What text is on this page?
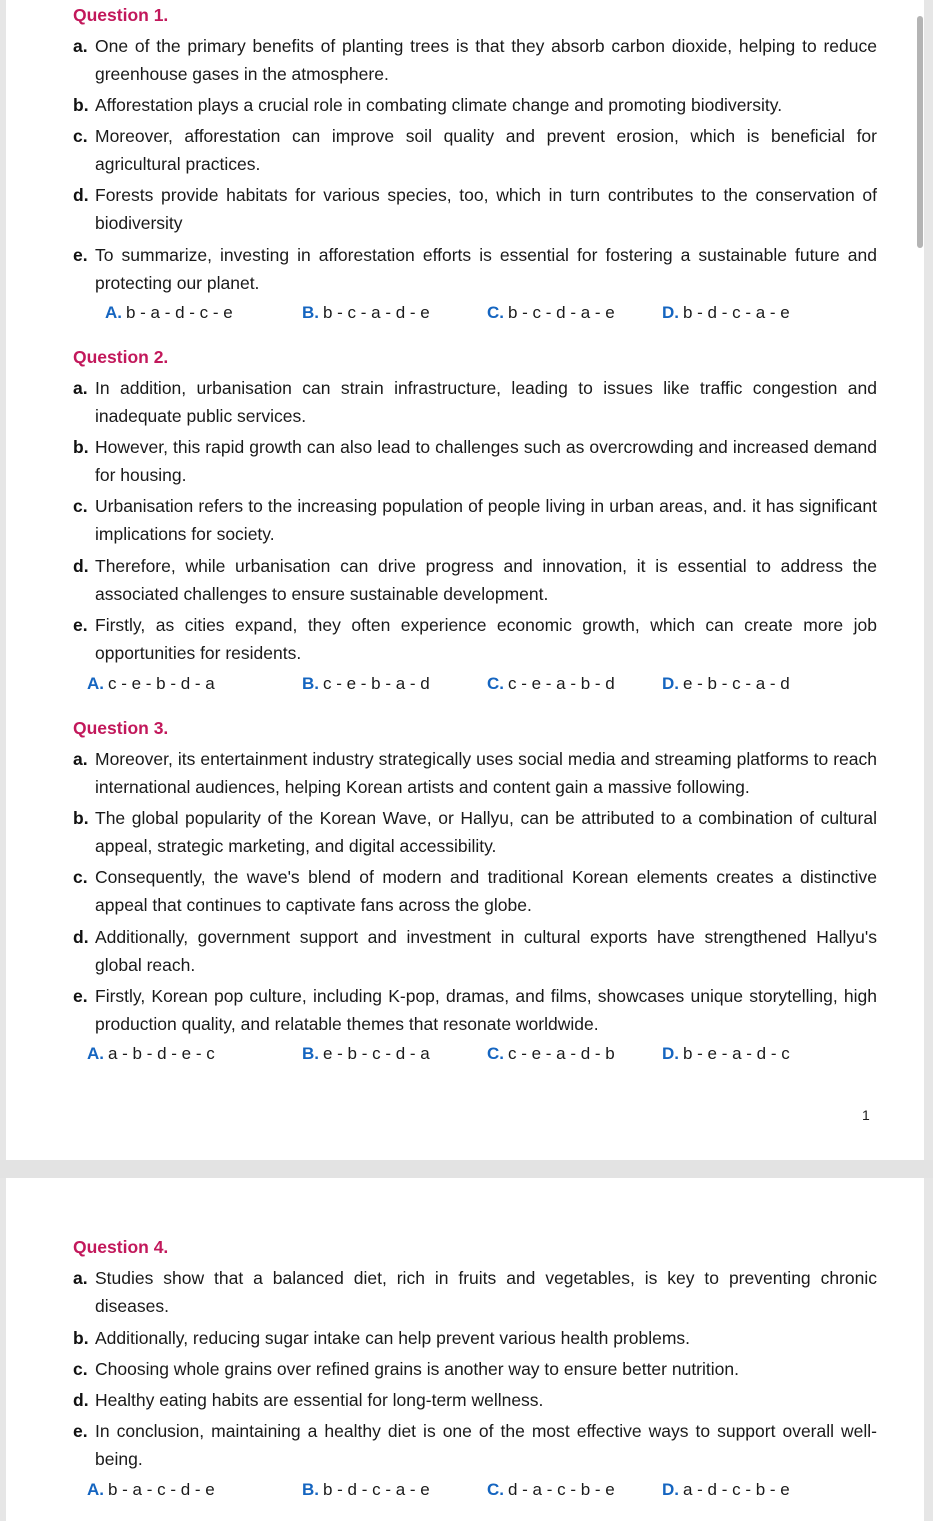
Question 1.
a. One of the primary benefits of planting trees is that they absorb carbon dioxide, helping to reduce greenhouse gases in the atmosphere.
b. Afforestation plays a crucial role in combating climate change and promoting biodiversity.
c. Moreover, afforestation can improve soil quality and prevent erosion, which is beneficial for agricultural practices.
d. Forests provide habitats for various species, too, which in turn contributes to the conservation of biodiversity
e. To summarize, investing in afforestation efforts is essential for fostering a sustainable future and protecting our planet.
A. b - a - d - c - e	B. b - c - a - d - e	C. b - c - d - a - e	D. b - d - c - a - e
Question 2.
a. In addition, urbanisation can strain infrastructure, leading to issues like traffic congestion and inadequate public services.
b. However, this rapid growth can also lead to challenges such as overcrowding and increased demand for housing.
c. Urbanisation refers to the increasing population of people living in urban areas, and. it has significant implications for society.
d. Therefore, while urbanisation can drive progress and innovation, it is essential to address the associated challenges to ensure sustainable development.
e. Firstly, as cities expand, they often experience economic growth, which can create more job opportunities for residents.
A. c - e - b - d - a	B. c - e - b - a - d	C. c - e - a - b - d	D. e - b - c - a - d
Question 3.
a. Moreover, its entertainment industry strategically uses social media and streaming platforms to reach international audiences, helping Korean artists and content gain a massive following.
b. The global popularity of the Korean Wave, or Hallyu, can be attributed to a combination of cultural appeal, strategic marketing, and digital accessibility.
c. Consequently, the wave's blend of modern and traditional Korean elements creates a distinctive appeal that continues to captivate fans across the globe.
d. Additionally, government support and investment in cultural exports have strengthened Hallyu's global reach.
e. Firstly, Korean pop culture, including K-pop, dramas, and films, showcases unique storytelling, high production quality, and relatable themes that resonate worldwide.
A. a - b - d - e - c	B. e - b - c - d - a	C. c - e - a - d - b	D. b - e - a - d - c
1
Question 4.
a. Studies show that a balanced diet, rich in fruits and vegetables, is key to preventing chronic diseases.
b. Additionally, reducing sugar intake can help prevent various health problems.
c. Choosing whole grains over refined grains is another way to ensure better nutrition.
d. Healthy eating habits are essential for long-term wellness.
e. In conclusion, maintaining a healthy diet is one of the most effective ways to support overall well-being.
A. b - a - c - d - e	B. b - d - c - a - e	C. d - a - c - b - e	D. a - d - c - b - e
